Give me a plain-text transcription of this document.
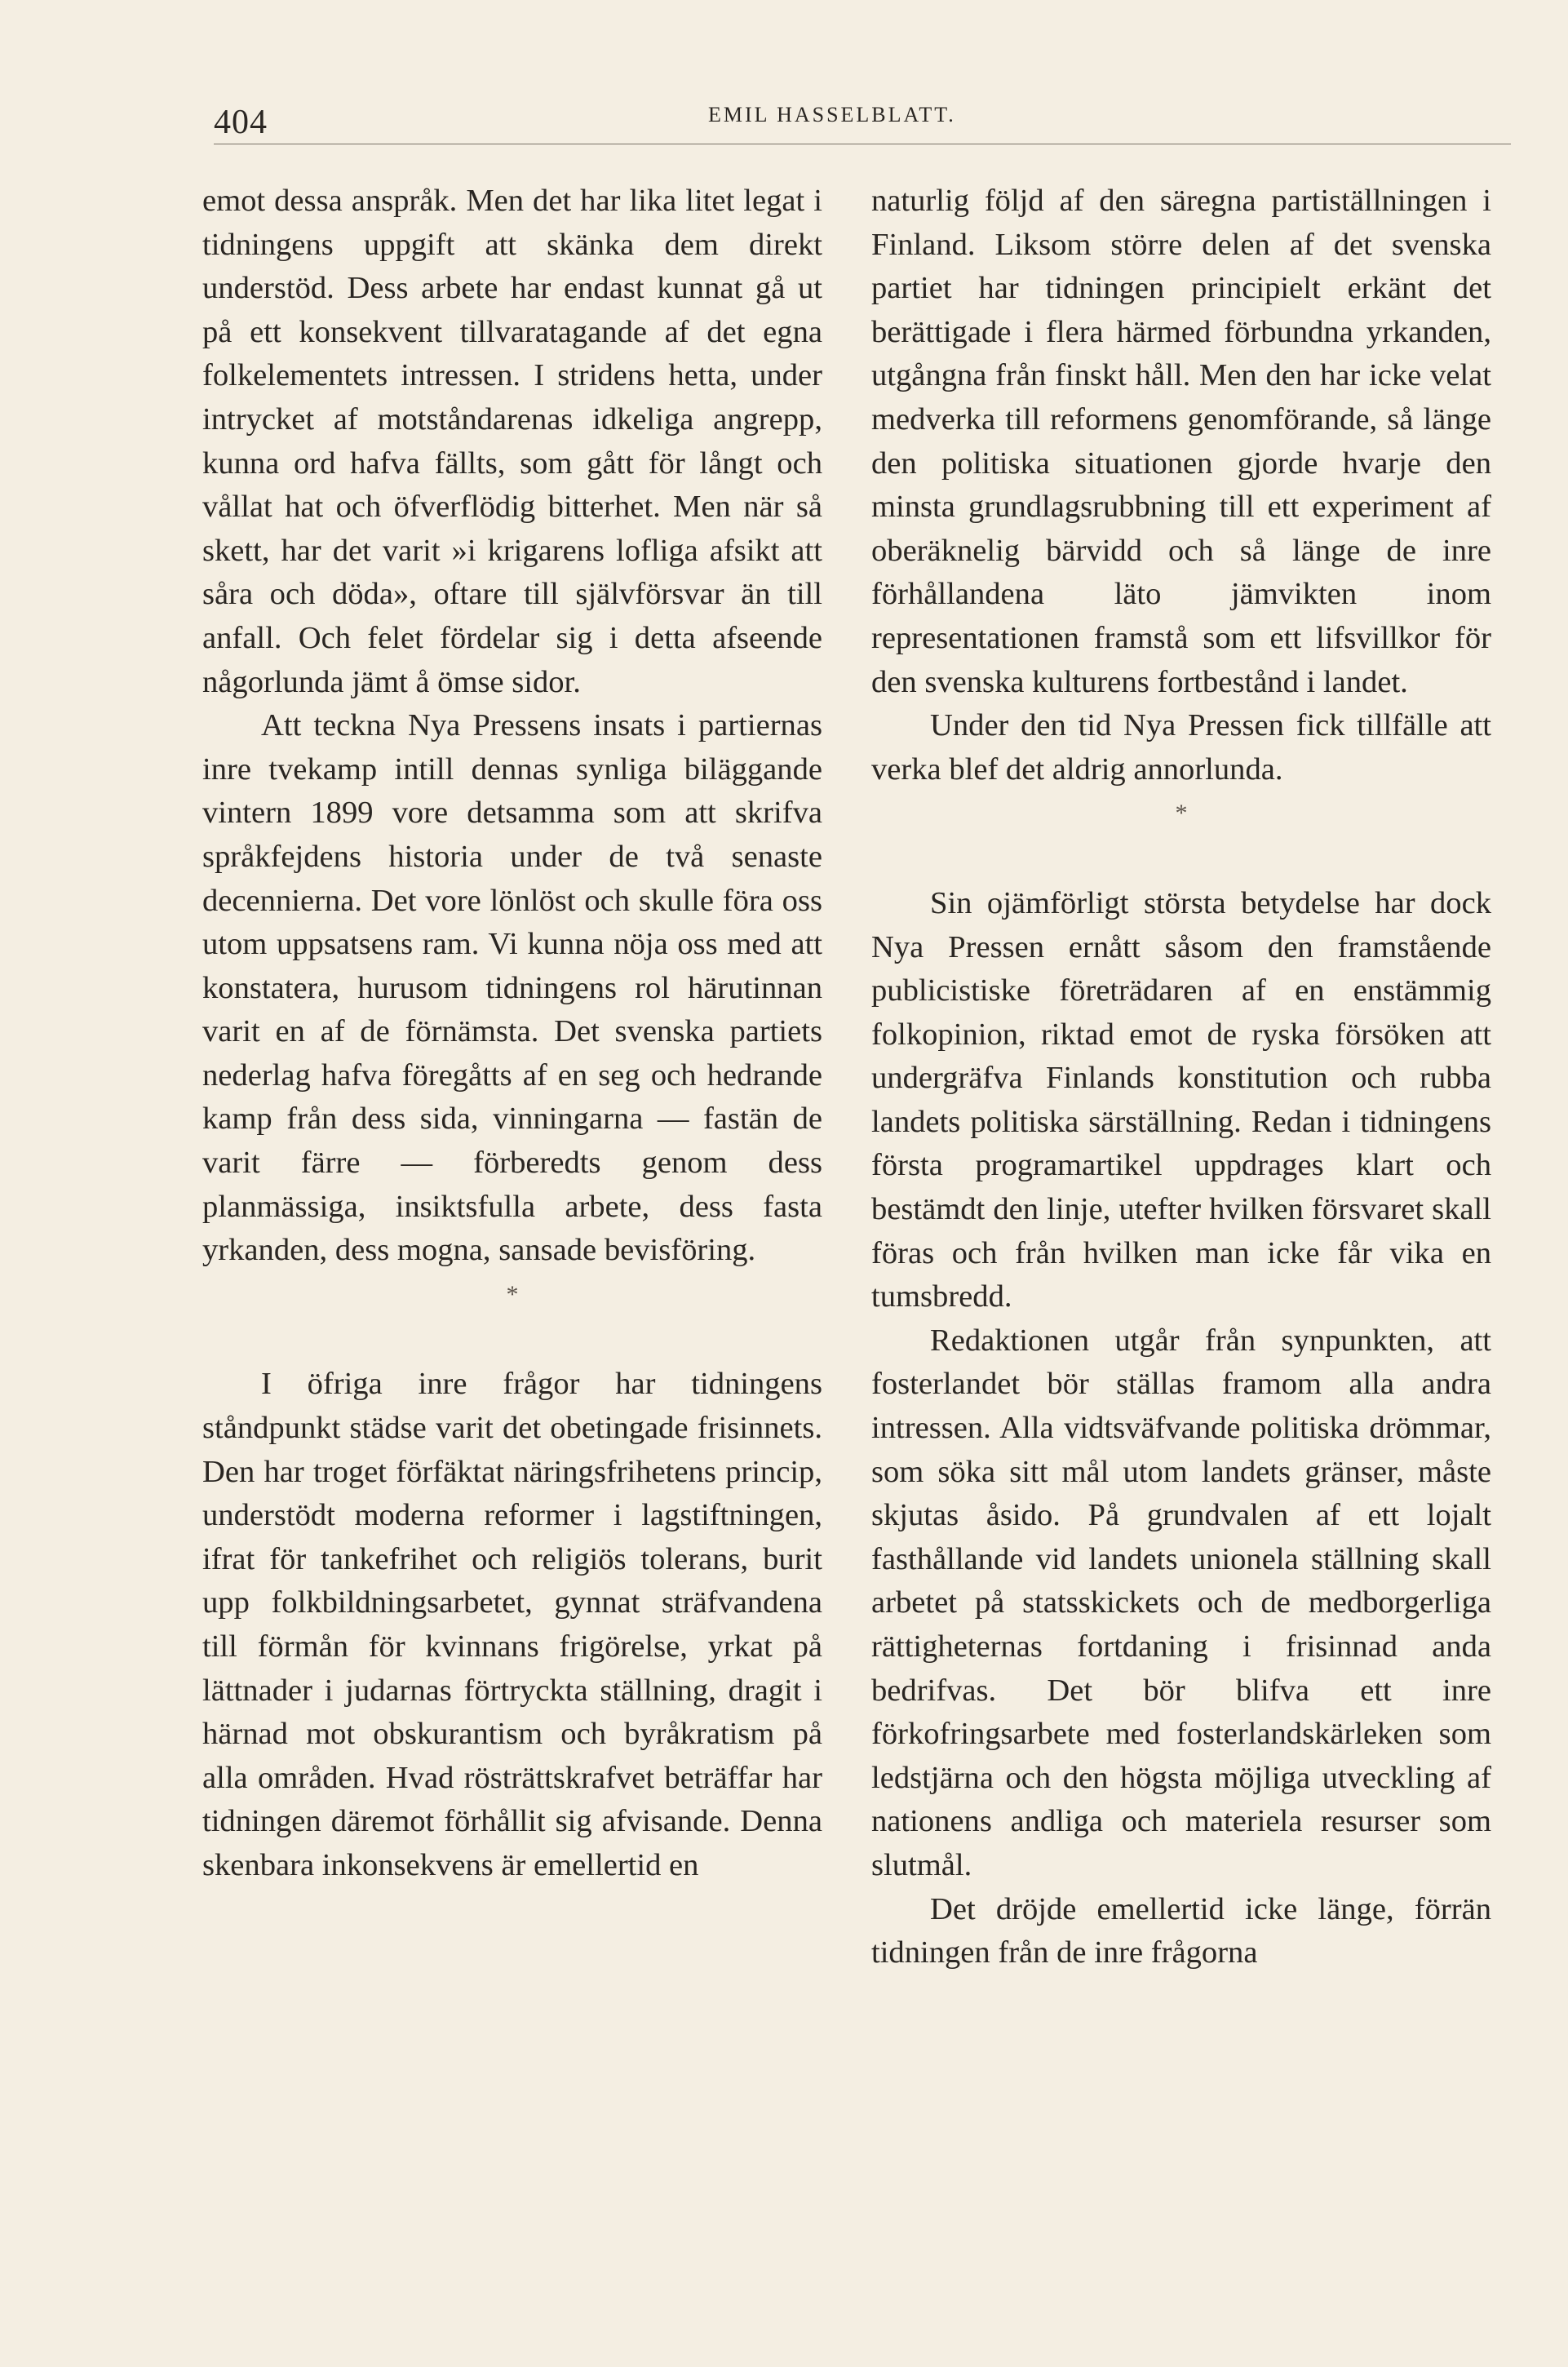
404	EMIL HASSELBLATT.

emot dessa anspråk. Men det har lika litet legat i tidningens uppgift att skänka dem direkt understöd. Dess arbete har endast kunnat gå ut på ett konsekvent tillvaratagande af det egna folkelementets intressen. I stridens hetta, under intrycket af motståndarenas idkeliga angrepp, kunna ord hafva fällts, som gått för långt och vållat hat och öfverflödig bitterhet. Men när så skett, har det varit »i krigarens lofliga afsikt att såra och döda», oftare till självförsvar än till anfall. Och felet fördelar sig i detta afseende någorlunda jämt å ömse sidor.

Att teckna Nya Pressens insats i partiernas inre tvekamp intill dennas synliga biläggande vintern 1899 vore detsamma som att skrifva språkfejdens historia under de två senaste decennierna. Det vore lönlöst och skulle föra oss utom uppsatsens ram. Vi kunna nöja oss med att konstatera, hurusom tidningens rol härutinnan varit en af de förnämsta. Det svenska partiets nederlag hafva föregåtts af en seg och hedrande kamp från dess sida, vinningarna — fastän de varit färre — förberedts genom dess planmässiga, insiktsfulla arbete, dess fasta yrkanden, dess mogna, sansade bevisföring.

*

I öfriga inre frågor har tidningens ståndpunkt städse varit det obetingade frisinnets. Den har troget förfäktat näringsfrihetens princip, understödt moderna reformer i lagstiftningen, ifrat för tankefrihet och religiös tolerans, burit upp folkbildningsarbetet, gynnat sträfvandena till förmån för kvinnans frigörelse, yrkat på lättnader i judarnas förtryckta ställning, dragit i härnad mot obskurantism och byråkratism på alla områden. Hvad rösträttskrafvet beträffar har tidningen däremot förhållit sig afvisande. Denna skenbara inkonsekvens är emellertid en

naturlig följd af den säregna partiställningen i Finland. Liksom större delen af det svenska partiet har tidningen principielt erkänt det berättigade i flera härmed förbundna yrkanden, utgångna från finskt håll. Men den har icke velat medverka till reformens genomförande, så länge den politiska situationen gjorde hvarje den minsta grundlagsrubbning till ett experiment af oberäknelig bärvidd och så länge de inre förhållandena läto jämvikten inom representationen framstå som ett lifsvillkor för den svenska kulturens fortbestånd i landet.

Under den tid Nya Pressen fick tillfälle att verka blef det aldrig annorlunda.

*

Sin ojämförligt största betydelse har dock Nya Pressen ernått såsom den framstående publicistiske företrädaren af en enstämmig folkopinion, riktad emot de ryska försöken att undergräfva Finlands konstitution och rubba landets politiska särställning. Redan i tidningens första programartikel uppdrages klart och bestämdt den linje, utefter hvilken försvaret skall föras och från hvilken man icke får vika en tumsbredd.

Redaktionen utgår från synpunkten, att fosterlandet bör ställas framom alla andra intressen. Alla vidtsväfvande politiska drömmar, som söka sitt mål utom landets gränser, måste skjutas åsido. På grundvalen af ett lojalt fasthållande vid landets unionela ställning skall arbetet på statsskickets och de medborgerliga rättigheternas fortdaning i frisinnad anda bedrifvas. Det bör blifva ett inre förkofringsarbete med fosterlandskärleken som ledstjärna och den högsta möjliga utveckling af nationens andliga och materiela resurser som slutmål.

Det dröjde emellertid icke länge, förrän tidningen från de inre frågorna
